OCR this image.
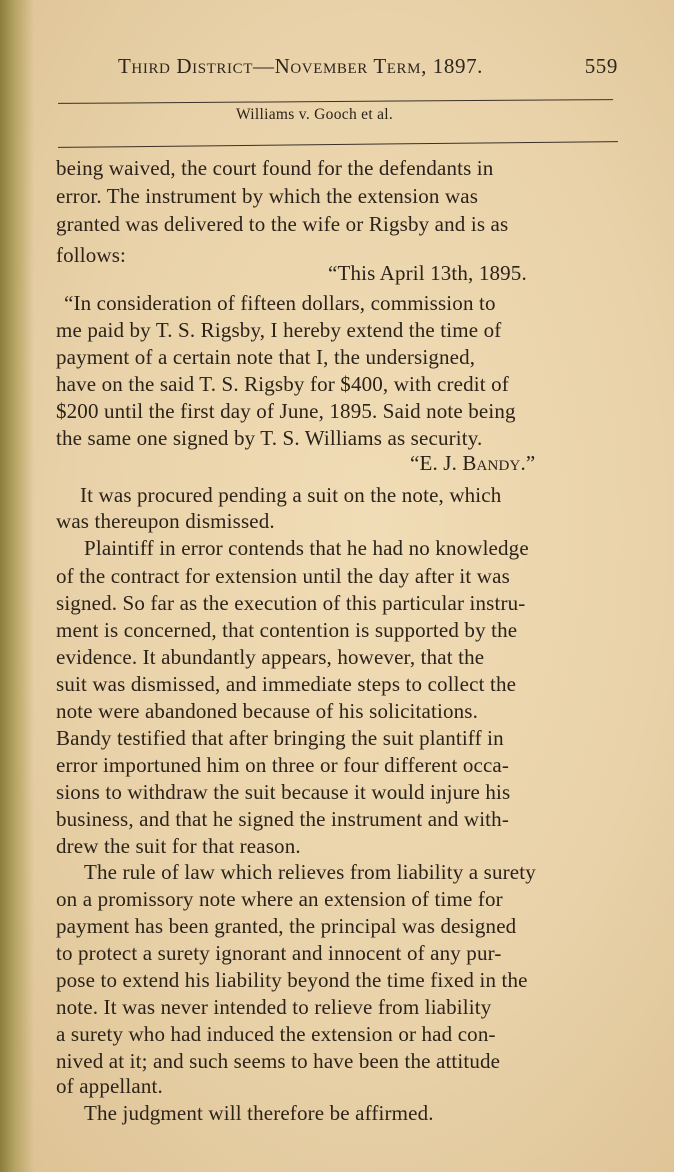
Third District—November Term, 1897.	559
Williams v. Gooch et al.
being waived, the court found for the defendants in
error. The instrument by which the extension was
granted was delivered to the wife or Rigsby and is as
follows:
“This April 13th, 1895.
“In consideration of fifteen dollars, commission to
me paid by T. S. Rigsby, I hereby extend the time of
payment of a certain note that I, the undersigned,
have on the said T. S. Rigsby for $400, with credit of
$200 until the first day of June, 1895. Said note being
the same one signed by T. S. Williams as security.
“E. J. Bandy.”
It was procured pending a suit on the note, which
was thereupon dismissed.
Plaintiff in error contends that he had no knowledge
of the contract for extension until the day after it was
signed. So far as the execution of this particular instru-
ment is concerned, that contention is supported by the
evidence. It abundantly appears, however, that the
suit was dismissed, and immediate steps to collect the
note were abandoned because of his solicitations.
Bandy testified that after bringing the suit plantiff in
error importuned him on three or four different occa-
sions to withdraw the suit because it would injure his
business, and that he signed the instrument and with-
drew the suit for that reason.
The rule of law which relieves from liability a surety
on a promissory note where an extension of time for
payment has been granted, the principal was designed
to protect a surety ignorant and innocent of any pur-
pose to extend his liability beyond the time fixed in the
note. It was never intended to relieve from liability
a surety who had induced the extension or had con-
nived at it; and such seems to have been the attitude
of appellant.
The judgment will therefore be affirmed.
